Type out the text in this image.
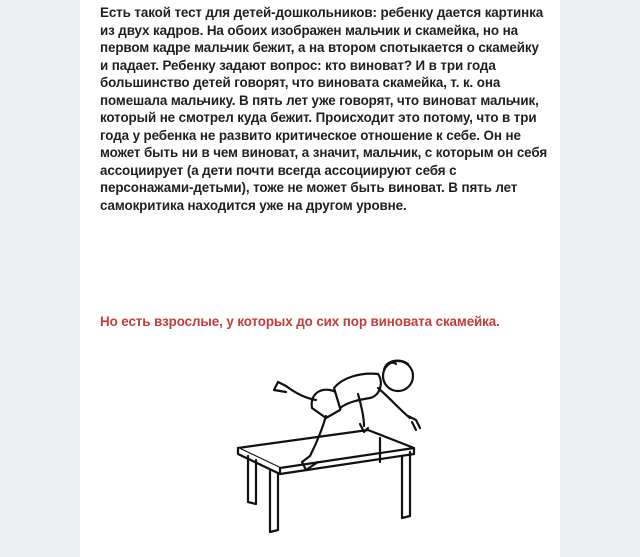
Есть такой тест для детей-дошкольников: ребенку дается картинка из двух кадров. На обоих изображен мальчик и скамейка, но на первом кадре мальчик бежит, а на втором спотыкается о скамейку и падает. Ребенку задают вопрос: кто виноват? И в три года большинство детей говорят, что виновата скамейка, т. к. она помешала мальчику. В пять лет уже говорят, что виноват мальчик, который не смотрел куда бежит. Происходит это потому, что в три года у ребенка не развито критическое отношение к себе. Он не может быть ни в чем виноват, а значит, мальчик, с которым он себя ассоциирует (а дети почти всегда ассоциируют себя с персонажами-детьми), тоже не может быть виноват. В пять лет самокритика находится уже на другом уровне.

Но есть взрослые, у которых до сих пор виновата скамейка.
